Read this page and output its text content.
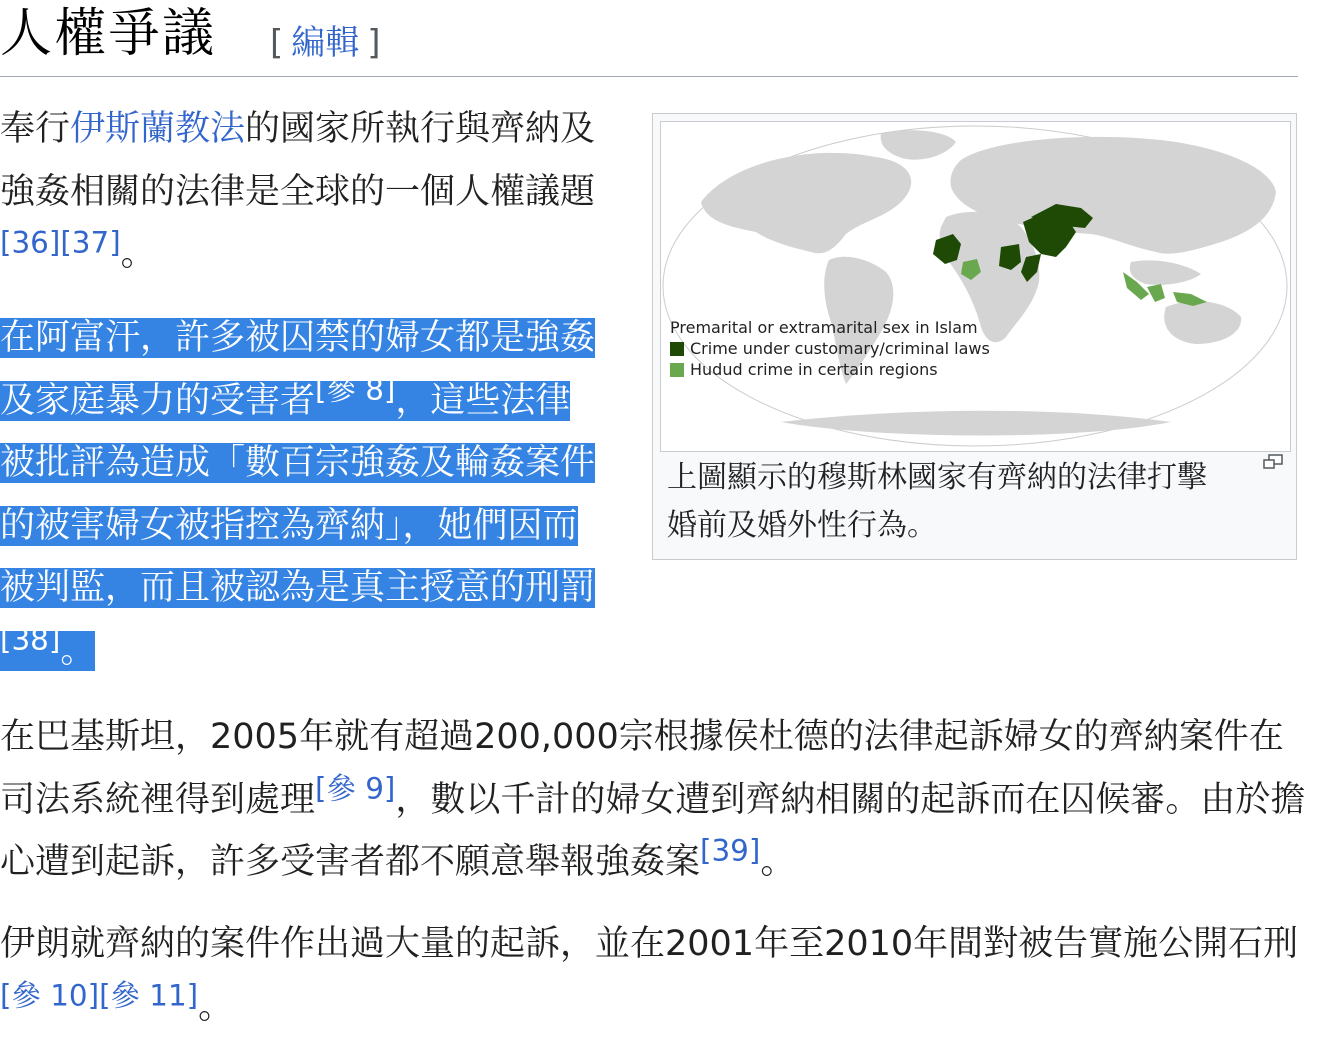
人權爭議 [ 編輯 ]

奉行伊斯蘭教法的國家所執行與齊納及強姦相關的法律是全球的一個人權議題[36][37]。

在阿富汗，許多被囚禁的婦女都是強姦及家庭暴力的受害者[參 8]，這些法律被批評為造成「數百宗強姦及輪姦案件的被害婦女被指控為齊納」，她們因而被判監，而且被認為是真主授意的刑罰[38]。

在巴基斯坦，2005年就有超過200,000宗根據侯杜德的法律起訴婦女的齊納案件在司法系統裡得到處理[參 9]，數以千計的婦女遭到齊納相關的起訴而在囚候審。由於擔心遭到起訴，許多受害者都不願意舉報強姦案[39]。

伊朗就齊納的案件作出過大量的起訴，並在2001年至2010年間對被告實施公開石刑[參 10][參 11]。

Premarital or extramarital sex in Islam
Crime under customary/criminal laws
Hudud crime in certain regions
上圖顯示的穆斯林國家有齊納的法律打擊婚前及婚外性行為。
